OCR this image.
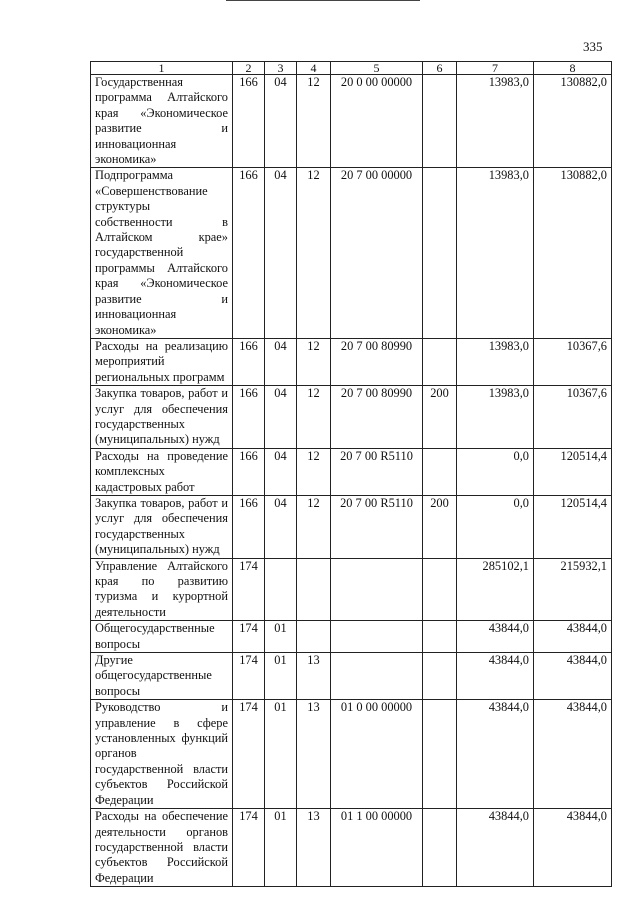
335
1	2	3	4	5	6	7	8
Государственная программа Алтайского края «Экономическое развитие и инновационная экономика»	166	04	12	20 0 00 00000		13983,0	130882,0
Подпрограмма «Совершенствование структуры собственности в Алтайском крае» государственной программы Алтайского края «Экономическое развитие и инновационная экономика»	166	04	12	20 7 00 00000		13983,0	130882,0
Расходы на реализацию мероприятий региональных программ	166	04	12	20 7 00 80990		13983,0	10367,6
Закупка товаров, работ и услуг для обеспечения государственных (муниципальных) нужд	166	04	12	20 7 00 80990	200	13983,0	10367,6
Расходы на проведение комплексных кадастровых работ	166	04	12	20 7 00 R5110		0,0	120514,4
Закупка товаров, работ и услуг для обеспечения государственных (муниципальных) нужд	166	04	12	20 7 00 R5110	200	0,0	120514,4
Управление Алтайского края по развитию туризма и курортной деятельности	174					285102,1	215932,1
Общегосударственные вопросы	174	01				43844,0	43844,0
Другие общегосударственные вопросы	174	01	13			43844,0	43844,0
Руководство и управление в сфере установленных функций органов государственной власти субъектов Российской Федерации	174	01	13	01 0 00 00000		43844,0	43844,0
Расходы на обеспечение деятельности органов государственной власти субъектов Российской Федерации	174	01	13	01 1 00 00000		43844,0	43844,0
